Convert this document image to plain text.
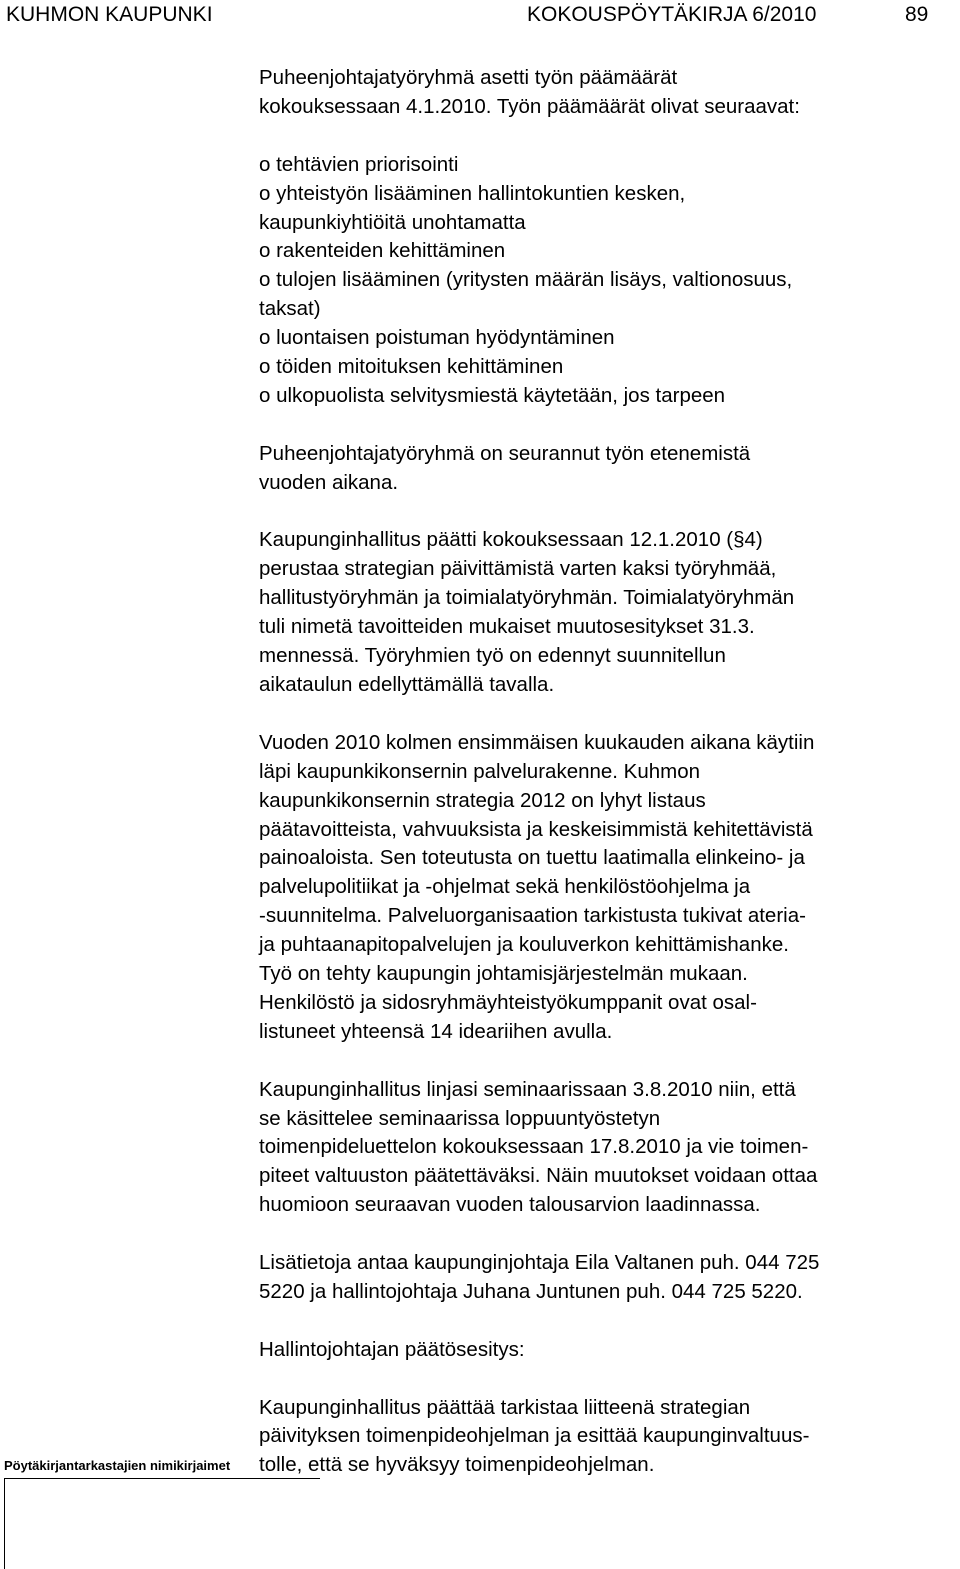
KUHMON KAUPUNKI	KOKOUSPÖYTÄKIRJA 6/2010	89
Puheenjohtajatyöryhmä asetti työn päämäärät
kokouksessaan 4.1.2010. Työn päämäärät olivat seuraavat:
o tehtävien priorisointi
o yhteistyön lisääminen hallintokuntien kesken,
kaupunkiyhtiöitä unohtamatta
o rakenteiden kehittäminen
o tulojen lisääminen (yritysten määrän lisäys, valtionosuus,
taksat)
o luontaisen poistuman hyödyntäminen
o töiden mitoituksen kehittäminen
o ulkopuolista selvitysmiestä käytetään, jos tarpeen
Puheenjohtajatyöryhmä on seurannut työn etenemistä
vuoden aikana.
Kaupunginhallitus päätti kokouksessaan 12.1.2010 (§4)
perustaa strategian päivittämistä varten kaksi työryhmää,
hallitustyöryhmän ja toimialatyöryhmän. Toimialatyöryhmän
tuli nimetä tavoitteiden mukaiset muutosesitykset 31.3.
mennessä. Työryhmien työ on edennyt suunnitellun
aikataulun edellyttämällä tavalla.
Vuoden 2010 kolmen ensimmäisen kuukauden aikana käytiin
läpi kaupunkikonsernin palvelurakenne. Kuhmon
kaupunkikonsernin strategia 2012 on lyhyt listaus
päätavoitteista, vahvuuksista ja keskeisimmistä kehitettävistä
painoaloista. Sen toteutusta on tuettu laatimalla elinkeino- ja
palvelupolitiikat ja -ohjelmat sekä henkilöstöohjelma ja
-suunnitelma. Palveluorganisaation tarkistusta tukivat ateria-
ja puhtaanapitopalvelujen ja kouluverkon kehittämishanke.
Työ on tehty kaupungin johtamisjärjestelmän mukaan.
Henkilöstö ja sidosryhmäyhteistyökumppanit ovat osal-
listuneet yhteensä 14 ideariihen avulla.
Kaupunginhallitus linjasi seminaarissaan 3.8.2010 niin, että
se käsittelee seminaarissa loppuuntyöstetyn
toimenpideluettelon kokouksessaan 17.8.2010 ja vie toimen-
piteet valtuuston päätettäväksi. Näin muutokset voidaan ottaa
huomioon seuraavan vuoden talousarvion laadinnassa.
Lisätietoja antaa kaupunginjohtaja Eila Valtanen puh. 044 725
5220 ja hallintojohtaja Juhana Juntunen puh. 044 725 5220.
Hallintojohtajan päätösesitys:
Kaupunginhallitus päättää tarkistaa liitteenä strategian
päivityksen toimenpideohjelman ja esittää kaupunginvaltuus-
tolle, että se hyväksyy toimenpideohjelman.
Pöytäkirjantarkastajien nimikirjaimet
